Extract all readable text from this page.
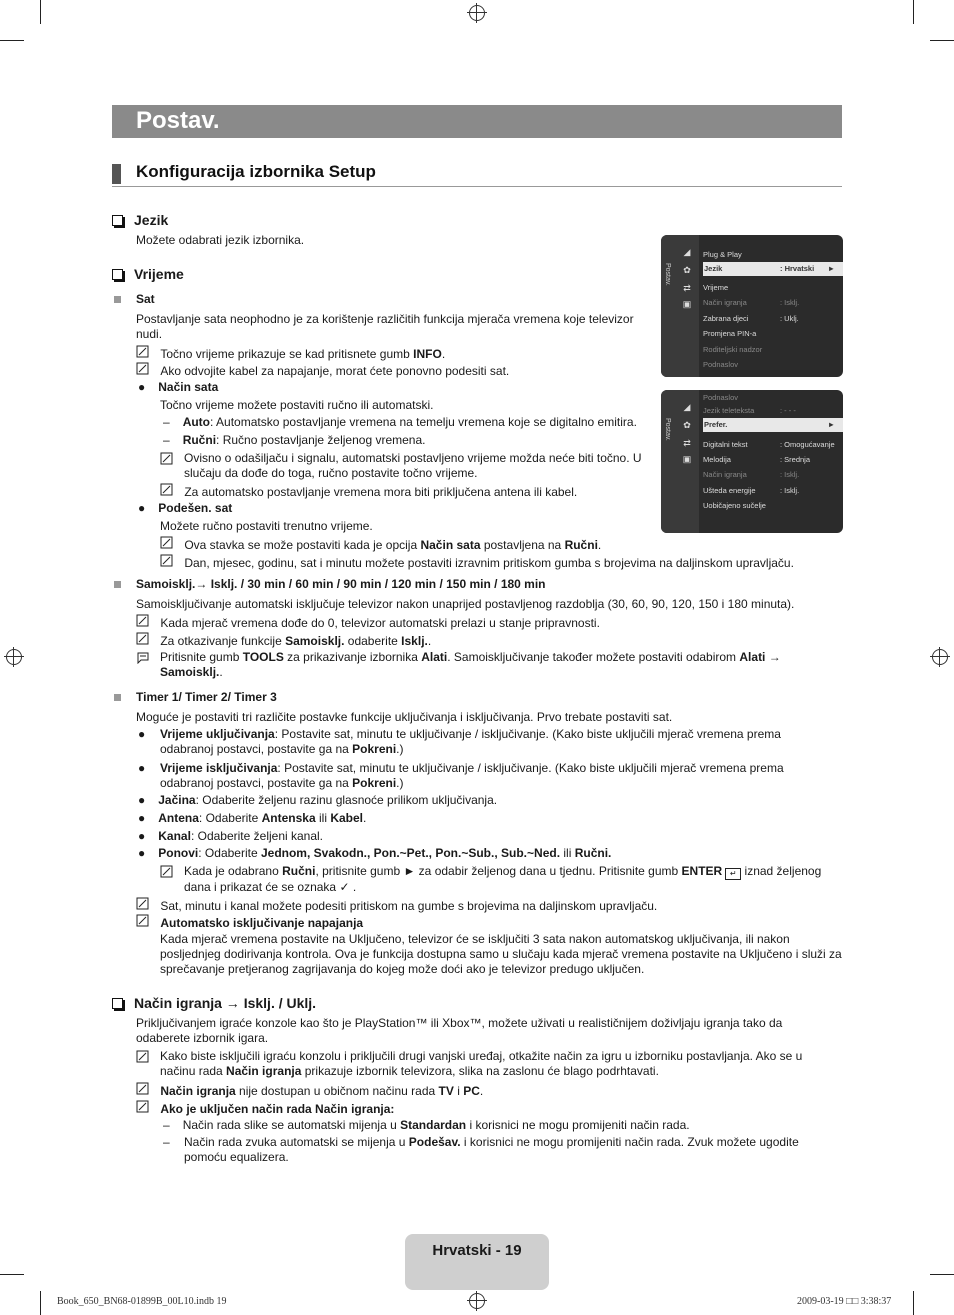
Postav.
Konfiguracija izbornika Setup
Jezik
Možete odabrati jezik izbornika.
Vrijeme
Sat
Postavljanje sata neophodno je za korištenje različitih funkcija mjerača vremena koje televizor nudi.
Točno vrijeme prikazuje se kad pritisnete gumb INFO.
Ako odvojite kabel za napajanje, morat ćete ponovno podesiti sat.
● Način sata
Točno vrijeme možete postaviti ručno ili automatski.
– Auto: Automatsko postavljanje vremena na temelju vremena koje se digitalno emitira.
– Ručni: Ručno postavljanje željenog vremena.
Ovisno o odašiljaču i signalu, automatski postavljeno vrijeme možda neće biti točno. U slučaju da dođe do toga, ručno postavite točno vrijeme.
Za automatsko postavljanje vremena mora biti priključena antena ili kabel.
● Podešen. sat
Možete ručno postaviti trenutno vrijeme.
Ova stavka se može postaviti kada je opcija Način sata postavljena na Ručni.
Dan, mjesec, godinu, sat i minutu možete postaviti izravnim pritiskom gumba s brojevima na daljinskom upravljaču.
Samoisklj.→ Isklj. / 30 min / 60 min / 90 min / 120 min / 150 min / 180 min
Samoisključivanje automatski isključuje televizor nakon unaprijed postavljenog razdoblja (30, 60, 90, 120, 150 i 180 minuta).
Kada mjerač vremena dođe do 0, televizor automatski prelazi u stanje pripravnosti.
Za otkazivanje funkcije Samoisklj. odaberite Isklj..
Pritisnite gumb TOOLS za prikazivanje izbornika Alati. Samoisključivanje također možete postaviti odabirom Alati →
Samoisklj..
Timer 1/ Timer 2/ Timer 3
Moguće je postaviti tri različite postavke funkcije uključivanja i isključivanja. Prvo trebate postaviti sat.
● Vrijeme uključivanja: Postavite sat, minutu te uključivanje / isključivanje. (Kako biste uključili mjerač vremena prema
odabranoj postavci, postavite ga na Pokreni.)
● Vrijeme isključivanja: Postavite sat, minutu te uključivanje / isključivanje. (Kako biste uključili mjerač vremena prema
odabranoj postavci, postavite ga na Pokreni.)
● Jačina: Odaberite željenu razinu glasnoće prilikom uključivanja.
● Antena: Odaberite Antenska ili Kabel.
● Kanal: Odaberite željeni kanal.
● Ponovi: Odaberite Jednom, Svakodn., Pon.~Pet., Pon.~Sub., Sub.~Ned. ili Ručni.
Kada je odabrano Ručni, pritisnite gumb ► za odabir željenog dana u tjednu. Pritisnite gumb ENTER ↵ iznad željenog
dana i prikazat će se oznaka ✓ .
Sat, minutu i kanal možete podesiti pritiskom na gumbe s brojevima na daljinskom upravljaču.
Automatsko isključivanje napajanja
Kada mjerač vremena postavite na Uključeno, televizor će se isključiti 3 sata nakon automatskog uključivanja, ili nakon posljednjeg dodirivanja kontrola. Ova je funkcija dostupna samo u slučaju kada mjerač vremena postavite na Uključeno i služi za sprečavanje pretjeranog zagrijavanja do kojeg može doći ako je televizor predugo uključen.
Način igranja → Isklj. / Uklj.
Priključivanjem igraće konzole kao što je PlayStation™ ili Xbox™, možete uživati u realističnijem doživljaju igranja tako da odaberete izbornik igara.
Kako biste isključili igraću konzolu i priključili drugi vanjski uređaj, otkažite način za igru u izborniku postavljanja. Ako se u
načinu rada Način igranja prikazuje izbornik televizora, slika na zaslonu će blago podrhtavati.
Način igranja nije dostupan u običnom načinu rada TV i PC.
Ako je uključen način rada Način igranja:
– Način rada slike se automatski mijenja u Standardan i korisnici ne mogu promijeniti način rada.
– Način rada zvuka automatski se mijenja u Podešav. i korisnici ne mogu promijeniti način rada. Zvuk možete ugodite
pomoću equalizera.
Postav.
◢
✿
⇄
▣
Plug & Play
Jezik	: Hrvatski ►
Vrijeme
Način igranja	: Isklj.
Zabrana djeci	: Uklj.
Promjena PIN-a
Roditeljski nadzor
Podnaslov
Postav.
◢
✿
⇄
▣
Podnaslov
Jezik teleteksta	: - - -
Prefer.	►
Digitalni tekst	: Omogućavanje
Melodija	: Srednja
Način igranja	: Isklj.
Ušteda energije	: Isklj.
Uobičajeno sučelje
Hrvatski - 19
Book_650_BN68-01899B_00L10.indb 19	2009-03-19 □□ 3:38:37
